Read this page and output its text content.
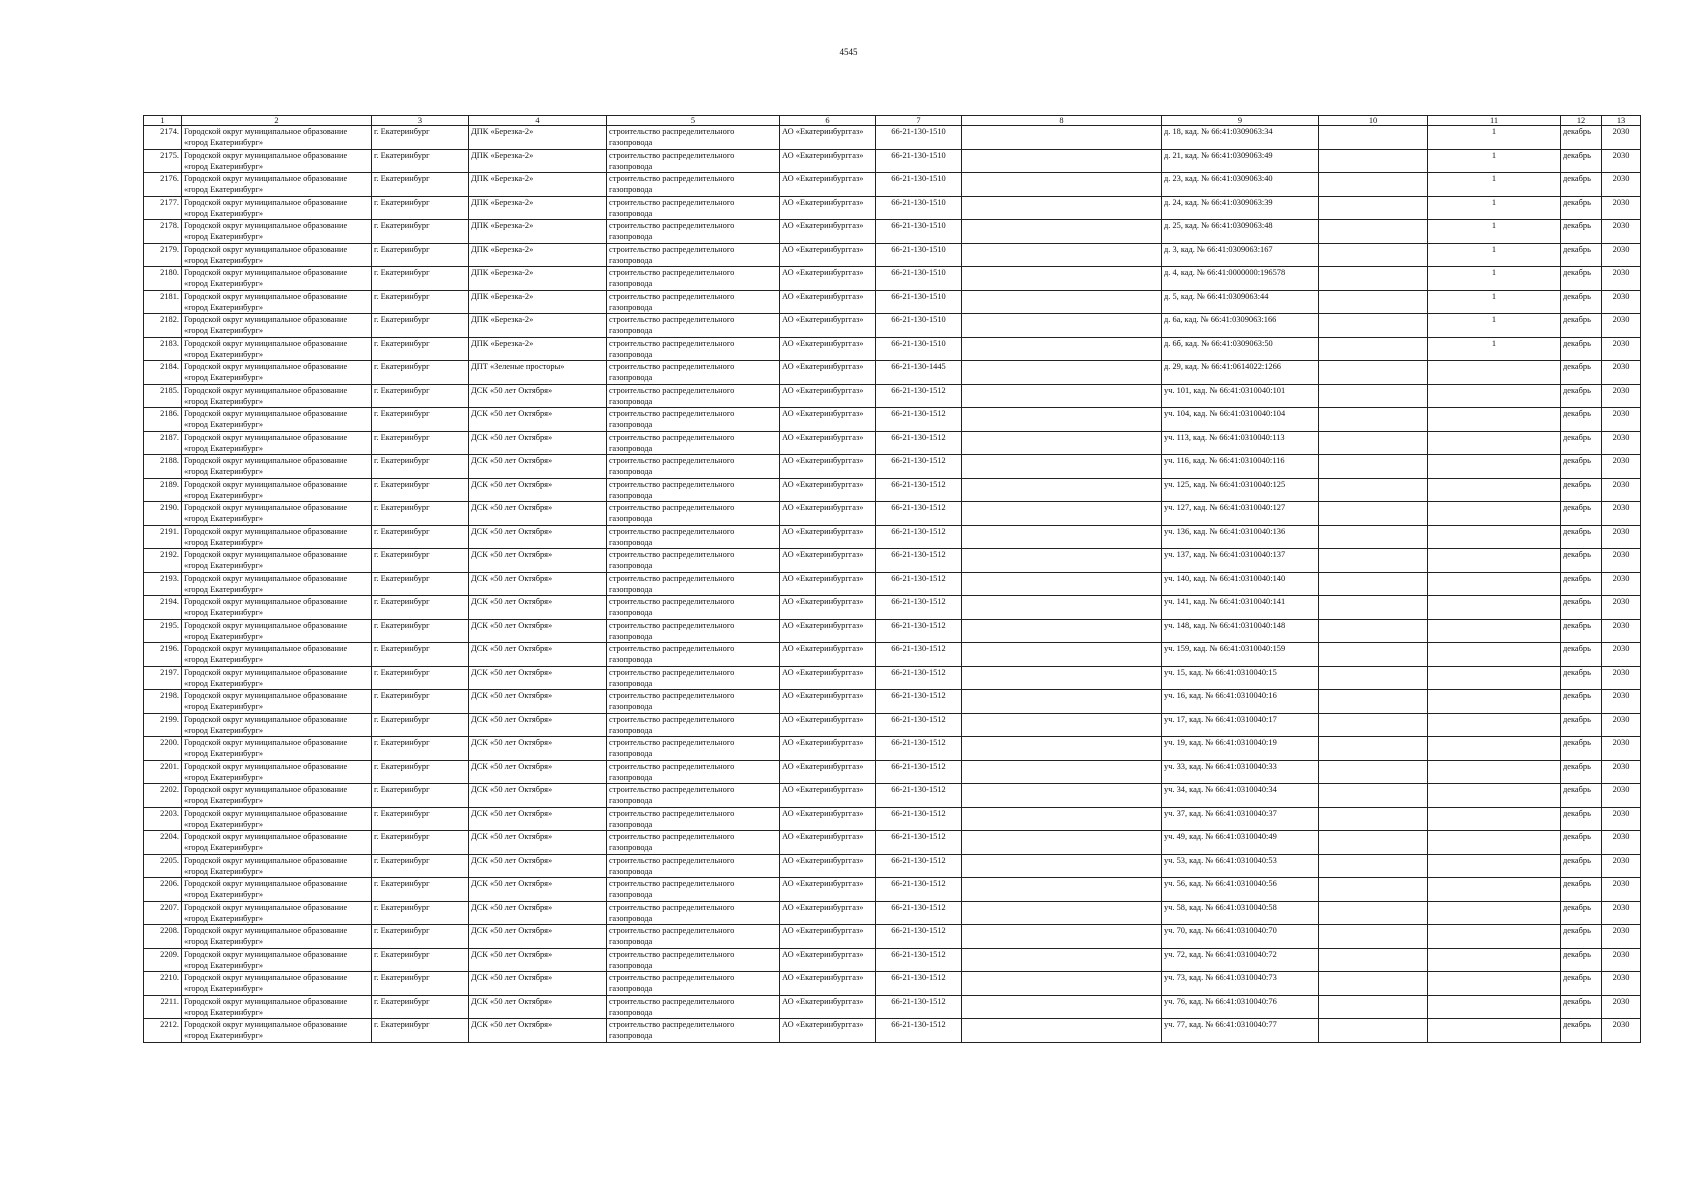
4545
1	2	3	4	5	6	7	8	9	10	11	12	13
2174.	Городской округ муниципальное образование «город Екатеринбург»	г. Екатеринбург	ДПК «Березка-2»	строительство распределительного газопровода	АО «Екатеринбурггаз»	66-21-130-1510		д. 18, кад. № 66:41:0309063:34		1	декабрь	2030
2175.	Городской округ муниципальное образование «город Екатеринбург»	г. Екатеринбург	ДПК «Березка-2»	строительство распределительного газопровода	АО «Екатеринбурггаз»	66-21-130-1510		д. 21, кад. № 66:41:0309063:49		1	декабрь	2030
2176.	Городской округ муниципальное образование «город Екатеринбург»	г. Екатеринбург	ДПК «Березка-2»	строительство распределительного газопровода	АО «Екатеринбурггаз»	66-21-130-1510		д. 23, кад. № 66:41:0309063:40		1	декабрь	2030
2177.	Городской округ муниципальное образование «город Екатеринбург»	г. Екатеринбург	ДПК «Березка-2»	строительство распределительного газопровода	АО «Екатеринбурггаз»	66-21-130-1510		д. 24, кад. № 66:41:0309063:39		1	декабрь	2030
2178.	Городской округ муниципальное образование «город Екатеринбург»	г. Екатеринбург	ДПК «Березка-2»	строительство распределительного газопровода	АО «Екатеринбурггаз»	66-21-130-1510		д. 25, кад. № 66:41:0309063:48		1	декабрь	2030
2179.	Городской округ муниципальное образование «город Екатеринбург»	г. Екатеринбург	ДПК «Березка-2»	строительство распределительного газопровода	АО «Екатеринбурггаз»	66-21-130-1510		д. 3, кад. № 66:41:0309063:167		1	декабрь	2030
2180.	Городской округ муниципальное образование «город Екатеринбург»	г. Екатеринбург	ДПК «Березка-2»	строительство распределительного газопровода	АО «Екатеринбурггаз»	66-21-130-1510		д. 4, кад. № 66:41:0000000:196578		1	декабрь	2030
2181.	Городской округ муниципальное образование «город Екатеринбург»	г. Екатеринбург	ДПК «Березка-2»	строительство распределительного газопровода	АО «Екатеринбурггаз»	66-21-130-1510		д. 5, кад. № 66:41:0309063:44		1	декабрь	2030
2182.	Городской округ муниципальное образование «город Екатеринбург»	г. Екатеринбург	ДПК «Березка-2»	строительство распределительного газопровода	АО «Екатеринбурггаз»	66-21-130-1510		д. 6а, кад. № 66:41:0309063:166		1	декабрь	2030
2183.	Городской округ муниципальное образование «город Екатеринбург»	г. Екатеринбург	ДПК «Березка-2»	строительство распределительного газопровода	АО «Екатеринбурггаз»	66-21-130-1510		д. 6б, кад. № 66:41:0309063:50		1	декабрь	2030
2184.	Городской округ муниципальное образование «город Екатеринбург»	г. Екатеринбург	ДПТ «Зеленые просторы»	строительство распределительного газопровода	АО «Екатеринбурггаз»	66-21-130-1445		д. 29, кад. № 66:41:0614022:1266			декабрь	2030
2185.	Городской округ муниципальное образование «город Екатеринбург»	г. Екатеринбург	ДСК «50 лет Октября»	строительство распределительного газопровода	АО «Екатеринбурггаз»	66-21-130-1512		уч. 101, кад. № 66:41:0310040:101			декабрь	2030
2186.	Городской округ муниципальное образование «город Екатеринбург»	г. Екатеринбург	ДСК «50 лет Октября»	строительство распределительного газопровода	АО «Екатеринбурггаз»	66-21-130-1512		уч. 104, кад. № 66:41:0310040:104			декабрь	2030
2187.	Городской округ муниципальное образование «город Екатеринбург»	г. Екатеринбург	ДСК «50 лет Октября»	строительство распределительного газопровода	АО «Екатеринбурггаз»	66-21-130-1512		уч. 113, кад. № 66:41:0310040:113			декабрь	2030
2188.	Городской округ муниципальное образование «город Екатеринбург»	г. Екатеринбург	ДСК «50 лет Октября»	строительство распределительного газопровода	АО «Екатеринбурггаз»	66-21-130-1512		уч. 116, кад. № 66:41:0310040:116			декабрь	2030
2189.	Городской округ муниципальное образование «город Екатеринбург»	г. Екатеринбург	ДСК «50 лет Октября»	строительство распределительного газопровода	АО «Екатеринбурггаз»	66-21-130-1512		уч. 125, кад. № 66:41:0310040:125			декабрь	2030
2190.	Городской округ муниципальное образование «город Екатеринбург»	г. Екатеринбург	ДСК «50 лет Октября»	строительство распределительного газопровода	АО «Екатеринбурггаз»	66-21-130-1512		уч. 127, кад. № 66:41:0310040:127			декабрь	2030
2191.	Городской округ муниципальное образование «город Екатеринбург»	г. Екатеринбург	ДСК «50 лет Октября»	строительство распределительного газопровода	АО «Екатеринбурггаз»	66-21-130-1512		уч. 136, кад. № 66:41:0310040:136			декабрь	2030
2192.	Городской округ муниципальное образование «город Екатеринбург»	г. Екатеринбург	ДСК «50 лет Октября»	строительство распределительного газопровода	АО «Екатеринбурггаз»	66-21-130-1512		уч. 137, кад. № 66:41:0310040:137			декабрь	2030
2193.	Городской округ муниципальное образование «город Екатеринбург»	г. Екатеринбург	ДСК «50 лет Октября»	строительство распределительного газопровода	АО «Екатеринбурггаз»	66-21-130-1512		уч. 140, кад. № 66:41:0310040:140			декабрь	2030
2194.	Городской округ муниципальное образование «город Екатеринбург»	г. Екатеринбург	ДСК «50 лет Октября»	строительство распределительного газопровода	АО «Екатеринбурггаз»	66-21-130-1512		уч. 141, кад. № 66:41:0310040:141			декабрь	2030
2195.	Городской округ муниципальное образование «город Екатеринбург»	г. Екатеринбург	ДСК «50 лет Октября»	строительство распределительного газопровода	АО «Екатеринбурггаз»	66-21-130-1512		уч. 148, кад. № 66:41:0310040:148			декабрь	2030
2196.	Городской округ муниципальное образование «город Екатеринбург»	г. Екатеринбург	ДСК «50 лет Октября»	строительство распределительного газопровода	АО «Екатеринбурггаз»	66-21-130-1512		уч. 159, кад. № 66:41:0310040:159			декабрь	2030
2197.	Городской округ муниципальное образование «город Екатеринбург»	г. Екатеринбург	ДСК «50 лет Октября»	строительство распределительного газопровода	АО «Екатеринбурггаз»	66-21-130-1512		уч. 15, кад. № 66:41:0310040:15			декабрь	2030
2198.	Городской округ муниципальное образование «город Екатеринбург»	г. Екатеринбург	ДСК «50 лет Октября»	строительство распределительного газопровода	АО «Екатеринбурггаз»	66-21-130-1512		уч. 16, кад. № 66:41:0310040:16			декабрь	2030
2199.	Городской округ муниципальное образование «город Екатеринбург»	г. Екатеринбург	ДСК «50 лет Октября»	строительство распределительного газопровода	АО «Екатеринбурггаз»	66-21-130-1512		уч. 17, кад. № 66:41:0310040:17			декабрь	2030
2200.	Городской округ муниципальное образование «город Екатеринбург»	г. Екатеринбург	ДСК «50 лет Октября»	строительство распределительного газопровода	АО «Екатеринбурггаз»	66-21-130-1512		уч. 19, кад. № 66:41:0310040:19			декабрь	2030
2201.	Городской округ муниципальное образование «город Екатеринбург»	г. Екатеринбург	ДСК «50 лет Октября»	строительство распределительного газопровода	АО «Екатеринбурггаз»	66-21-130-1512		уч. 33, кад. № 66:41:0310040:33			декабрь	2030
2202.	Городской округ муниципальное образование «город Екатеринбург»	г. Екатеринбург	ДСК «50 лет Октября»	строительство распределительного газопровода	АО «Екатеринбурггаз»	66-21-130-1512		уч. 34, кад. № 66:41:0310040:34			декабрь	2030
2203.	Городской округ муниципальное образование «город Екатеринбург»	г. Екатеринбург	ДСК «50 лет Октября»	строительство распределительного газопровода	АО «Екатеринбурггаз»	66-21-130-1512		уч. 37, кад. № 66:41:0310040:37			декабрь	2030
2204.	Городской округ муниципальное образование «город Екатеринбург»	г. Екатеринбург	ДСК «50 лет Октября»	строительство распределительного газопровода	АО «Екатеринбурггаз»	66-21-130-1512		уч. 49, кад. № 66:41:0310040:49			декабрь	2030
2205.	Городской округ муниципальное образование «город Екатеринбург»	г. Екатеринбург	ДСК «50 лет Октября»	строительство распределительного газопровода	АО «Екатеринбурггаз»	66-21-130-1512		уч. 53, кад. № 66:41:0310040:53			декабрь	2030
2206.	Городской округ муниципальное образование «город Екатеринбург»	г. Екатеринбург	ДСК «50 лет Октября»	строительство распределительного газопровода	АО «Екатеринбурггаз»	66-21-130-1512		уч. 56, кад. № 66:41:0310040:56			декабрь	2030
2207.	Городской округ муниципальное образование «город Екатеринбург»	г. Екатеринбург	ДСК «50 лет Октября»	строительство распределительного газопровода	АО «Екатеринбурггаз»	66-21-130-1512		уч. 58, кад. № 66:41:0310040:58			декабрь	2030
2208.	Городской округ муниципальное образование «город Екатеринбург»	г. Екатеринбург	ДСК «50 лет Октября»	строительство распределительного газопровода	АО «Екатеринбурггаз»	66-21-130-1512		уч. 70, кад. № 66:41:0310040:70			декабрь	2030
2209.	Городской округ муниципальное образование «город Екатеринбург»	г. Екатеринбург	ДСК «50 лет Октября»	строительство распределительного газопровода	АО «Екатеринбурггаз»	66-21-130-1512		уч. 72, кад. № 66:41:0310040:72			декабрь	2030
2210.	Городской округ муниципальное образование «город Екатеринбург»	г. Екатеринбург	ДСК «50 лет Октября»	строительство распределительного газопровода	АО «Екатеринбурггаз»	66-21-130-1512		уч. 73, кад. № 66:41:0310040:73			декабрь	2030
2211.	Городской округ муниципальное образование «город Екатеринбург»	г. Екатеринбург	ДСК «50 лет Октября»	строительство распределительного газопровода	АО «Екатеринбурггаз»	66-21-130-1512		уч. 76, кад. № 66:41:0310040:76			декабрь	2030
2212.	Городской округ муниципальное образование «город Екатеринбург»	г. Екатеринбург	ДСК «50 лет Октября»	строительство распределительного газопровода	АО «Екатеринбурггаз»	66-21-130-1512		уч. 77, кад. № 66:41:0310040:77			декабрь	2030
